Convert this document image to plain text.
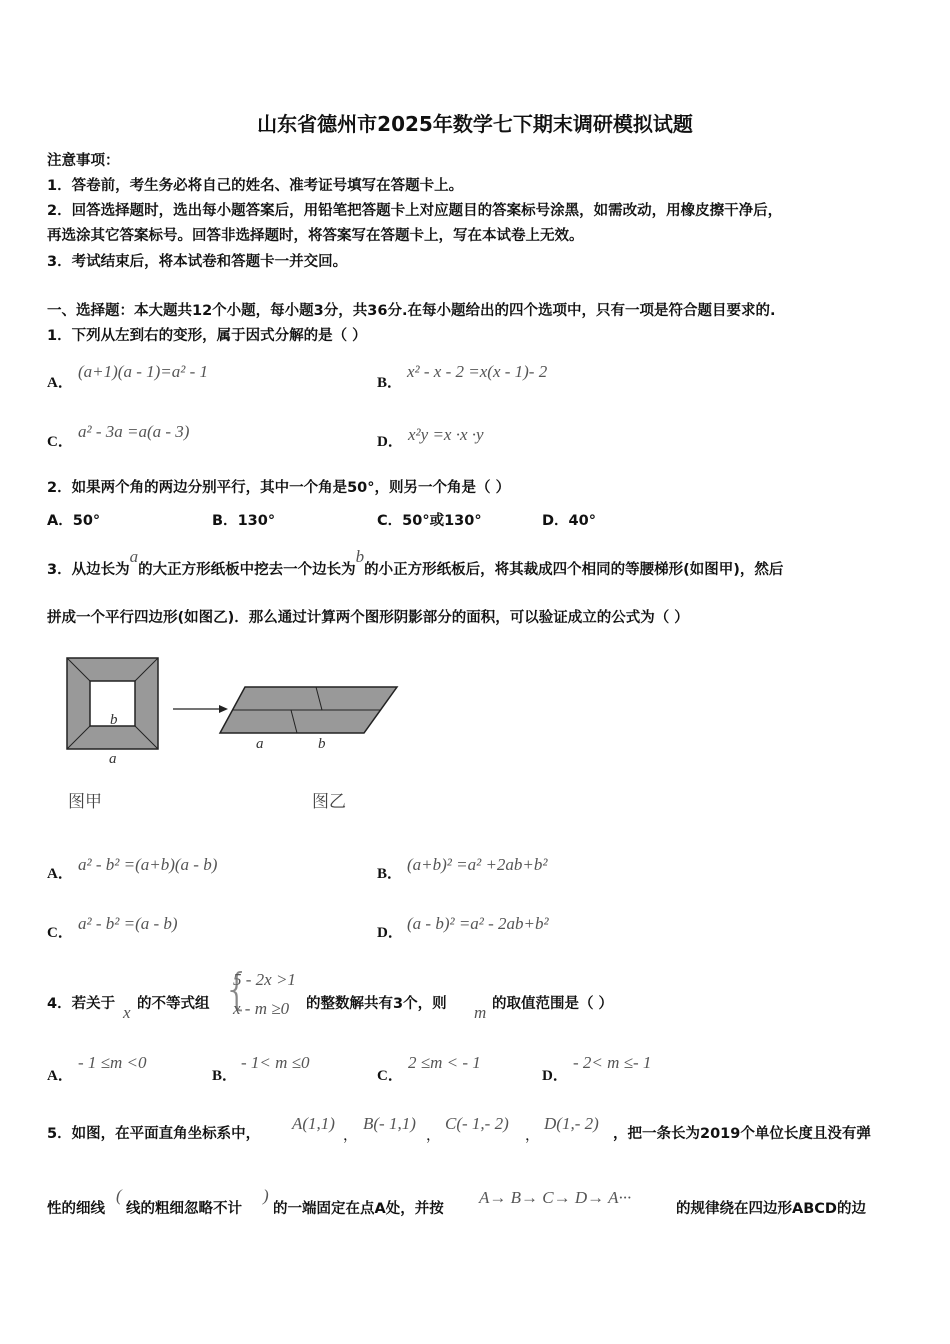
山东省德州市2025年数学七下期末调研模拟试题
注意事项：
1．答卷前，考生务必将自己的姓名、准考证号填写在答题卡上。
2．回答选择题时，选出每小题答案后，用铅笔把答题卡上对应题目的答案标号涂黑，如需改动，用橡皮擦干净后，
再选涂其它答案标号。回答非选择题时，将答案写在答题卡上，写在本试卷上无效。
3．考试结束后，将本试卷和答题卡一并交回。
一、选择题：本大题共12个小题，每小题3分，共36分.在每小题给出的四个选项中，只有一项是符合题目要求的.
1．下列从左到右的变形，属于因式分解的是（ ）
A．
(a+1)(a - 1)=a² - 1
B．
x² - x - 2 =x(x - 1)- 2
C．
a² - 3a =a(a - 3)
D． x²y =x ·x ·y
2．如果两个角的两边分别平行，其中一个角是50°，则另一个角是（ ）
A．50°	B．130°	C．50°或130°	D．40°
3．从边长为a的大正方形纸板中挖去一个边长为b的小正方形纸板后，将其裁成四个相同的等腰梯形(如图甲)，然后
拼成一个平行四边形(如图乙)．那么通过计算两个图形阴影部分的面积，可以验证成立的公式为（ ）
b
a
a	b
图甲	图乙
A． a² - b² =(a+b)(a - b)	B． (a+b)² =a² +2ab+b²
C． a² - b² =(a - b)	D． (a - b)² =a² - 2ab+b²
4．若关于 x 的不等式组 {
5 - 2x >1
x - m ≥0 的整数解共有3个，则 m 的取值范围是（ ）
A．
- 1 ≤m <0
B．
- 1< m ≤0
C．
2 ≤m < - 1
D．
- 2< m ≤- 1
5．如图，在平面直角坐标系中，
A(1,1)
，
B(- 1,1)
，
C(- 1,- 2)
，
D(1,- 2)
，把一条长为2019个单位长度且没有弹
性的细线
(
线的粗细忽略不计
)
的一端固定在点A处，并按
A→ B→ C→ D→ A···
的规律绕在四边形ABCD的边
